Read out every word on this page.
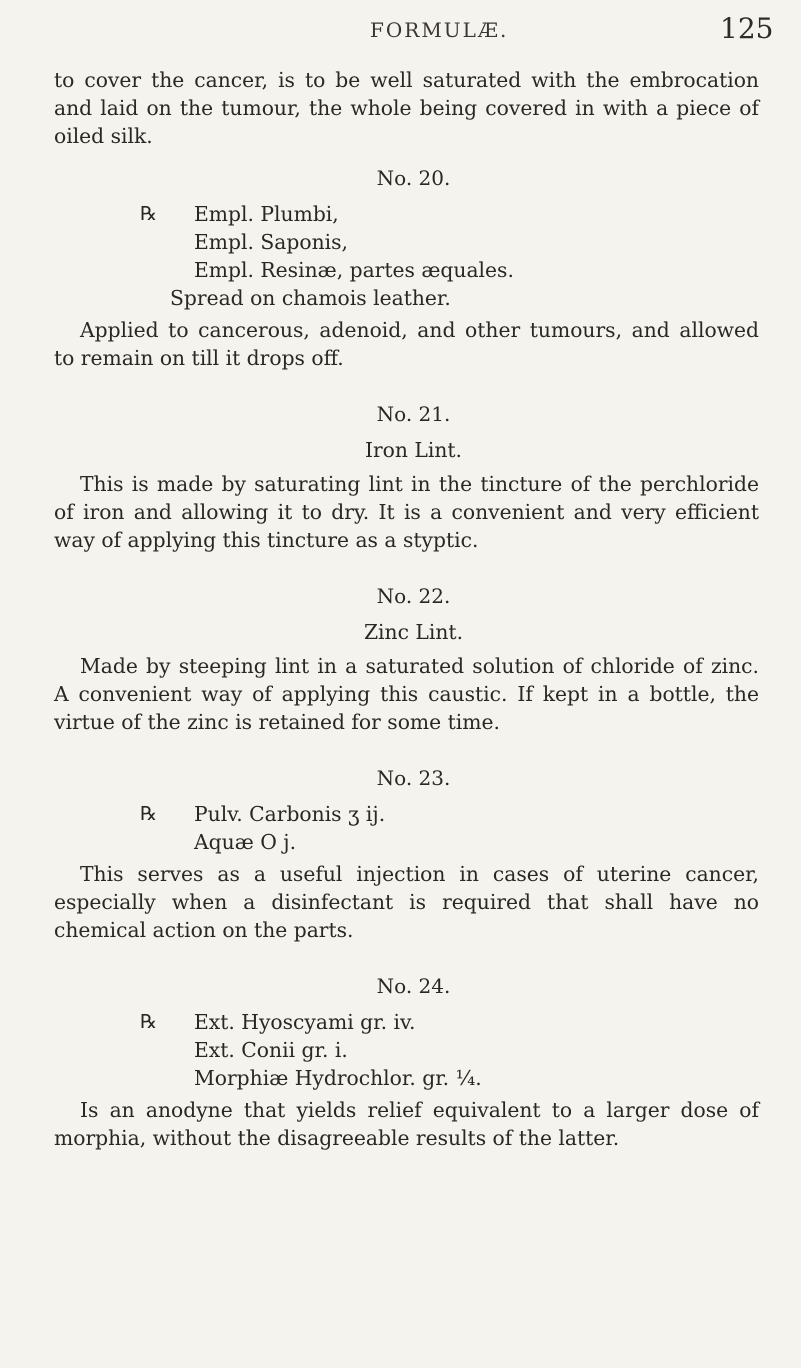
FORMULÆ.	125

to cover the cancer, is to be well saturated with the embrocation and laid on the tumour, the whole being covered in with a piece of oiled silk.

No. 20.
℞ Empl. Plumbi,
Empl. Saponis,
Empl. Resinæ, partes æquales.
Spread on chamois leather.

Applied to cancerous, adenoid, and other tumours, and allowed to remain on till it drops off.

No. 21.
Iron Lint.

This is made by saturating lint in the tincture of the perchloride of iron and allowing it to dry. It is a convenient and very efficient way of applying this tincture as a styptic.

No. 22.
Zinc Lint.

Made by steeping lint in a saturated solution of chloride of zinc. A convenient way of applying this caustic. If kept in a bottle, the virtue of the zinc is retained for some time.

No. 23.
℞ Pulv. Carbonis ʒ ij.
Aquæ O j.

This serves as a useful injection in cases of uterine cancer, especially when a disinfectant is required that shall have no chemical action on the parts.

No. 24.
℞ Ext. Hyoscyami gr. iv.
Ext. Conii gr. i.
Morphiæ Hydrochlor. gr. ¼.

Is an anodyne that yields relief equivalent to a larger dose of morphia, without the disagreeable results of the latter.
